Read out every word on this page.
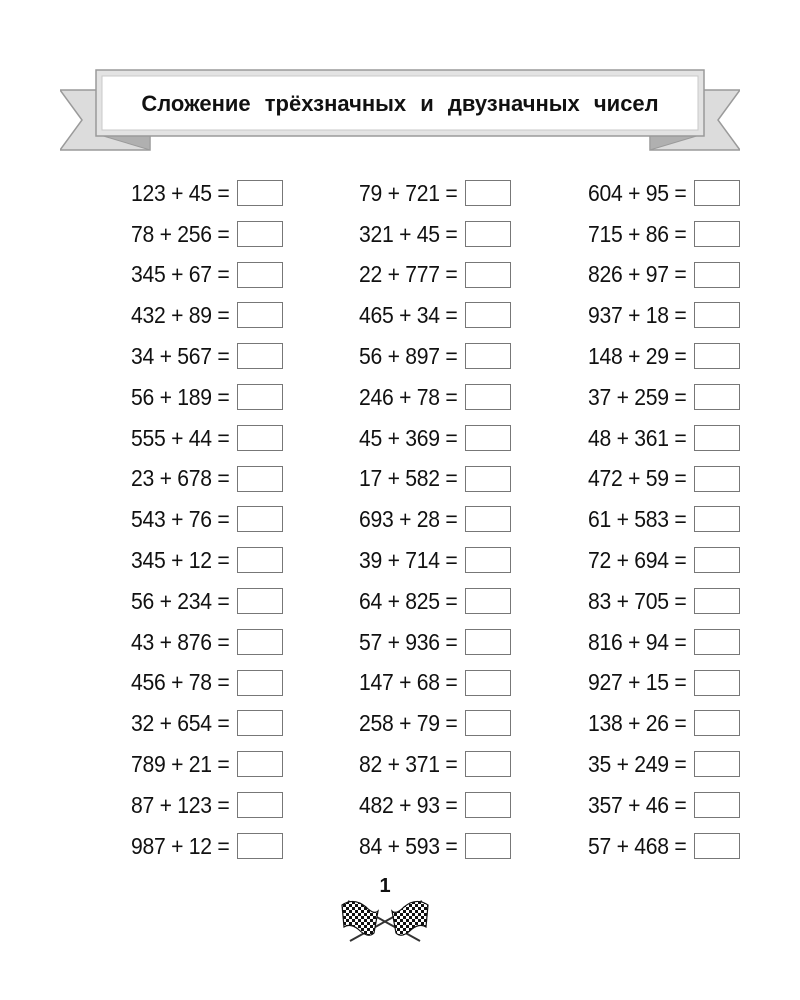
Сложение трёхзначных и двузначных чисел
123 + 45 =
78 + 256 =
345 + 67 =
432 + 89 =
34 + 567 =
56 + 189 =
555 + 44 =
23 + 678 =
543 + 76 =
345 + 12 =
56 + 234 =
43 + 876 =
456 + 78 =
32 + 654 =
789 + 21 =
87 + 123 =
987 + 12 =
79 + 721 =
321 + 45 =
22 + 777 =
465 + 34 =
56 + 897 =
246 + 78 =
45 + 369 =
17 + 582 =
693 + 28 =
39 + 714 =
64 + 825 =
57 + 936 =
147 + 68 =
258 + 79 =
82 + 371 =
482 + 93 =
84 + 593 =
604 + 95 =
715 + 86 =
826 + 97 =
937 + 18 =
148 + 29 =
37 + 259 =
48 + 361 =
472 + 59 =
61 + 583 =
72 + 694 =
83 + 705 =
816 + 94 =
927 + 15 =
138 + 26 =
35 + 249 =
357 + 46 =
57 + 468 =
1
